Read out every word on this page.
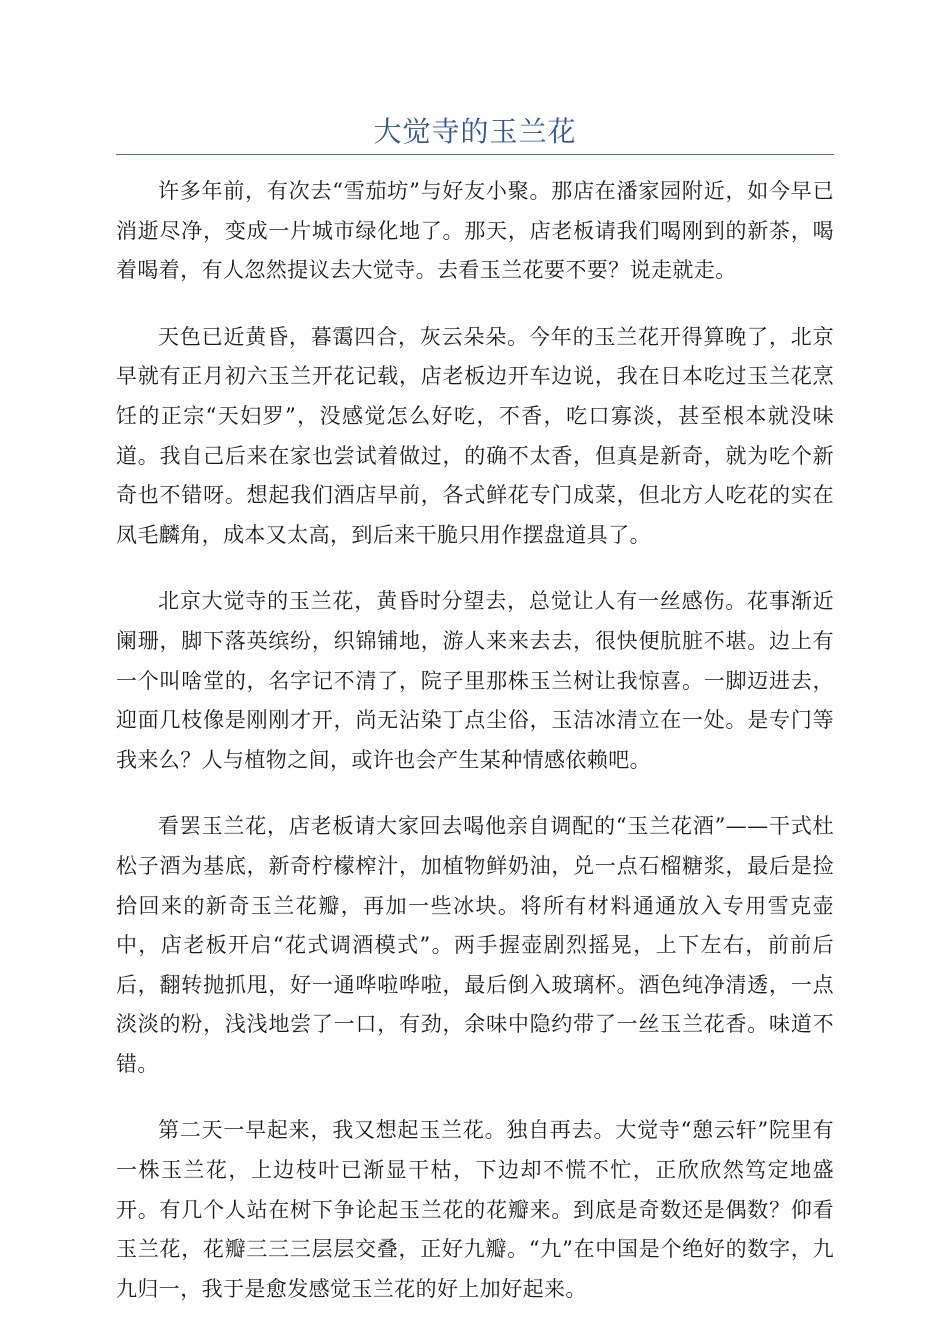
大觉寺的玉兰花

许多年前，有次去“雪茄坊”与好友小聚。那店在潘家园附近，如今早已消逝尽净，变成一片城市绿化地了。那天，店老板请我们喝刚到的新茶，喝着喝着，有人忽然提议去大觉寺。去看玉兰花要不要？说走就走。

天色已近黄昏，暮霭四合，灰云朵朵。今年的玉兰花开得算晚了，北京早就有正月初六玉兰开花记载，店老板边开车边说，我在日本吃过玉兰花烹饪的正宗“天妇罗”，没感觉怎么好吃，不香，吃口寡淡，甚至根本就没味道。我自己后来在家也尝试着做过，的确不太香，但真是新奇，就为吃个新奇也不错呀。想起我们酒店早前，各式鲜花专门成菜，但北方人吃花的实在凤毛麟角，成本又太高，到后来干脆只用作摆盘道具了。

北京大觉寺的玉兰花，黄昏时分望去，总觉让人有一丝感伤。花事渐近阑珊，脚下落英缤纷，织锦铺地，游人来来去去，很快便肮脏不堪。边上有一个叫啥堂的，名字记不清了，院子里那株玉兰树让我惊喜。一脚迈进去，迎面几枝像是刚刚才开，尚无沾染丁点尘俗，玉洁冰清立在一处。是专门等我来么？人与植物之间，或许也会产生某种情感依赖吧。

看罢玉兰花，店老板请大家回去喝他亲自调配的“玉兰花酒”——干式杜松子酒为基底，新奇柠檬榨汁，加植物鲜奶油，兑一点石榴糖浆，最后是捡拾回来的新奇玉兰花瓣，再加一些冰块。将所有材料通通放入专用雪克壶中，店老板开启“花式调酒模式”。两手握壶剧烈摇晃，上下左右，前前后后，翻转抛抓甩，好一通哗啦哗啦，最后倒入玻璃杯。酒色纯净清透，一点淡淡的粉，浅浅地尝了一口，有劲，余味中隐约带了一丝玉兰花香。味道不错。

第二天一早起来，我又想起玉兰花。独自再去。大觉寺“憩云轩”院里有一株玉兰花，上边枝叶已渐显干枯，下边却不慌不忙，正欣欣然笃定地盛开。有几个人站在树下争论起玉兰花的花瓣来。到底是奇数还是偶数？仰看玉兰花，花瓣三三三层层交叠，正好九瓣。“九”在中国是个绝好的数字，九九归一，我于是愈发感觉玉兰花的好上加好起来。
